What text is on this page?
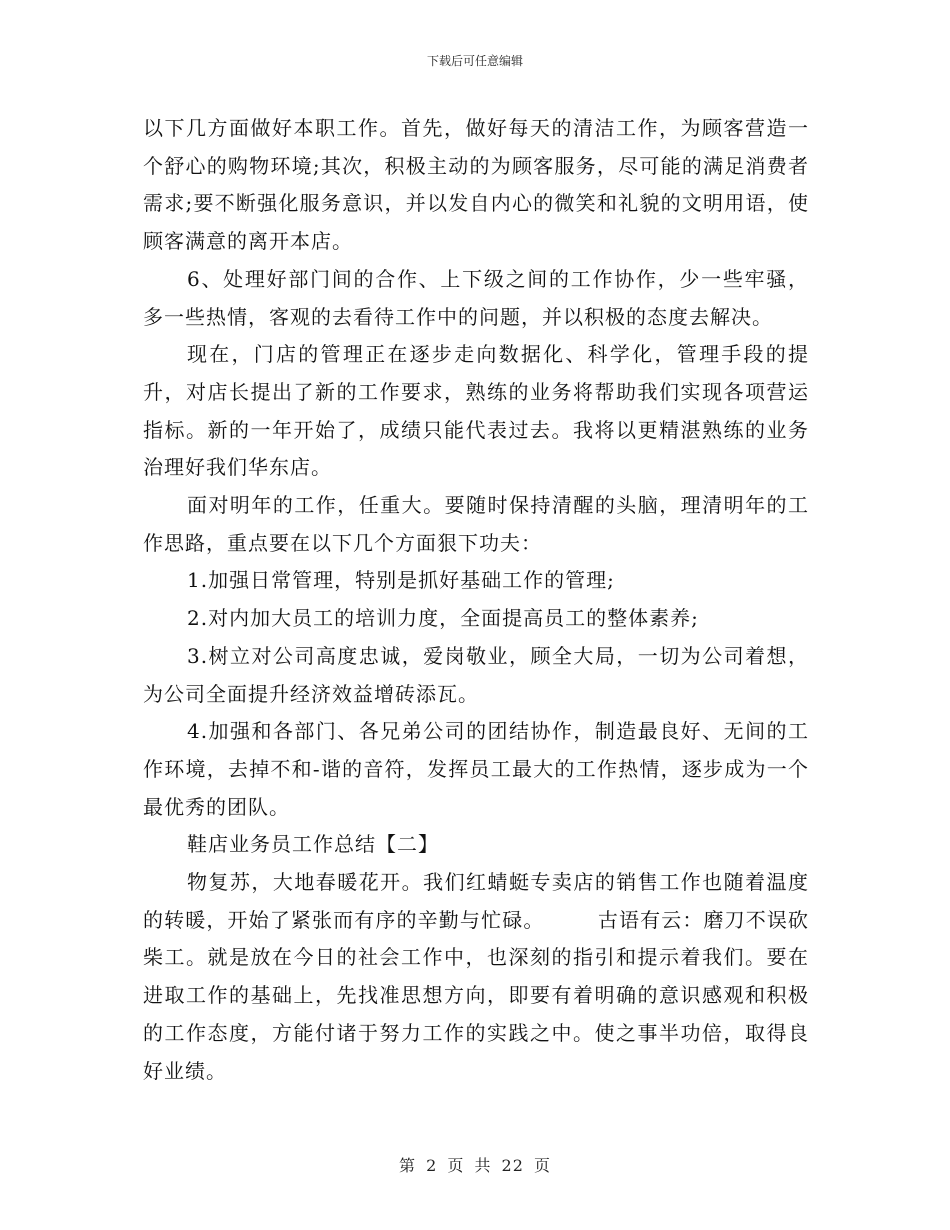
下载后可任意编辑

以下几方面做好本职工作。首先，做好每天的清洁工作，为顾客营造一个舒心的购物环境;其次，积极主动的为顾客服务，尽可能的满足消费者需求;要不断强化服务意识，并以发自内心的微笑和礼貌的文明用语，使顾客满意的离开本店。

6、处理好部门间的合作、上下级之间的工作协作，少一些牢骚，多一些热情，客观的去看待工作中的问题，并以积极的态度去解决。

现在，门店的管理正在逐步走向数据化、科学化，管理手段的提升，对店长提出了新的工作要求，熟练的业务将帮助我们实现各项营运指标。新的一年开始了，成绩只能代表过去。我将以更精湛熟练的业务治理好我们华东店。

面对明年的工作，任重大。要随时保持清醒的头脑，理清明年的工作思路，重点要在以下几个方面狠下功夫：

1.加强日常管理，特别是抓好基础工作的管理;

2.对内加大员工的培训力度，全面提高员工的整体素养;

3.树立对公司高度忠诚，爱岗敬业，顾全大局，一切为公司着想，为公司全面提升经济效益增砖添瓦。

4.加强和各部门、各兄弟公司的团结协作，制造最良好、无间的工作环境，去掉不和-谐的音符，发挥员工最大的工作热情，逐步成为一个最优秀的团队。

鞋店业务员工作总结【二】

物复苏，大地春暖花开。我们红蜻蜓专卖店的销售工作也随着温度的转暖，开始了紧张而有序的辛勤与忙碌。　　　古语有云：磨刀不误砍柴工。就是放在今日的社会工作中，也深刻的指引和提示着我们。要在进取工作的基础上，先找准思想方向，即要有着明确的意识感观和积极的工作态度，方能付诸于努力工作的实践之中。使之事半功倍，取得良好业绩。

第 2 页 共 22 页
